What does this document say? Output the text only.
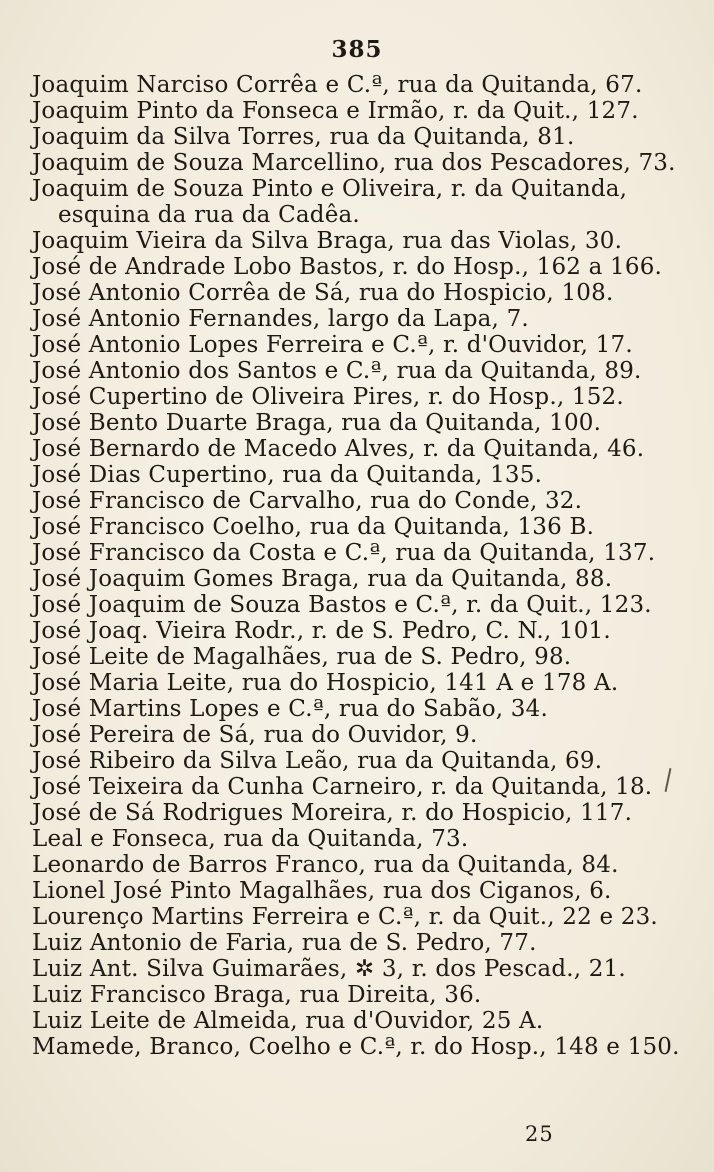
385
Joaquim Narciso Corrêa e C.ª, rua da Quitanda, 67.
Joaquim Pinto da Fonseca e Irmão, r. da Quit., 127.
Joaquim da Silva Torres, rua da Quitanda, 81.
Joaquim de Souza Marcellino, rua dos Pescadores, 73.
Joaquim de Souza Pinto e Oliveira, r. da Quitanda,
esquina da rua da Cadêa.
Joaquim Vieira da Silva Braga, rua das Violas, 30.
José de Andrade Lobo Bastos, r. do Hosp., 162 a 166.
José Antonio Corrêa de Sá, rua do Hospicio, 108.
José Antonio Fernandes, largo da Lapa, 7.
José Antonio Lopes Ferreira e C.ª, r. d'Ouvidor, 17.
José Antonio dos Santos e C.ª, rua da Quitanda, 89.
José Cupertino de Oliveira Pires, r. do Hosp., 152.
José Bento Duarte Braga, rua da Quitanda, 100.
José Bernardo de Macedo Alves, r. da Quitanda, 46.
José Dias Cupertino, rua da Quitanda, 135.
José Francisco de Carvalho, rua do Conde, 32.
José Francisco Coelho, rua da Quitanda, 136 B.
José Francisco da Costa e C.ª, rua da Quitanda, 137.
José Joaquim Gomes Braga, rua da Quitanda, 88.
José Joaquim de Souza Bastos e C.ª, r. da Quit., 123.
José Joaq. Vieira Rodr., r. de S. Pedro, C. N., 101.
José Leite de Magalhães, rua de S. Pedro, 98.
José Maria Leite, rua do Hospicio, 141 A e 178 A.
José Martins Lopes e C.ª, rua do Sabão, 34.
José Pereira de Sá, rua do Ouvidor, 9.
José Ribeiro da Silva Leão, rua da Quitanda, 69.
José Teixeira da Cunha Carneiro, r. da Quitanda, 18.
José de Sá Rodrigues Moreira, r. do Hospicio, 117.
Leal e Fonseca, rua da Quitanda, 73.
Leonardo de Barros Franco, rua da Quitanda, 84.
Lionel José Pinto Magalhães, rua dos Ciganos, 6.
Lourenço Martins Ferreira e C.ª, r. da Quit., 22 e 23.
Luiz Antonio de Faria, rua de S. Pedro, 77.
Luiz Ant. Silva Guimarães, ✲ 3, r. dos Pescad., 21.
Luiz Francisco Braga, rua Direita, 36.
Luiz Leite de Almeida, rua d'Ouvidor, 25 A.
Mamede, Branco, Coelho e C.ª, r. do Hosp., 148 e 150.
25
